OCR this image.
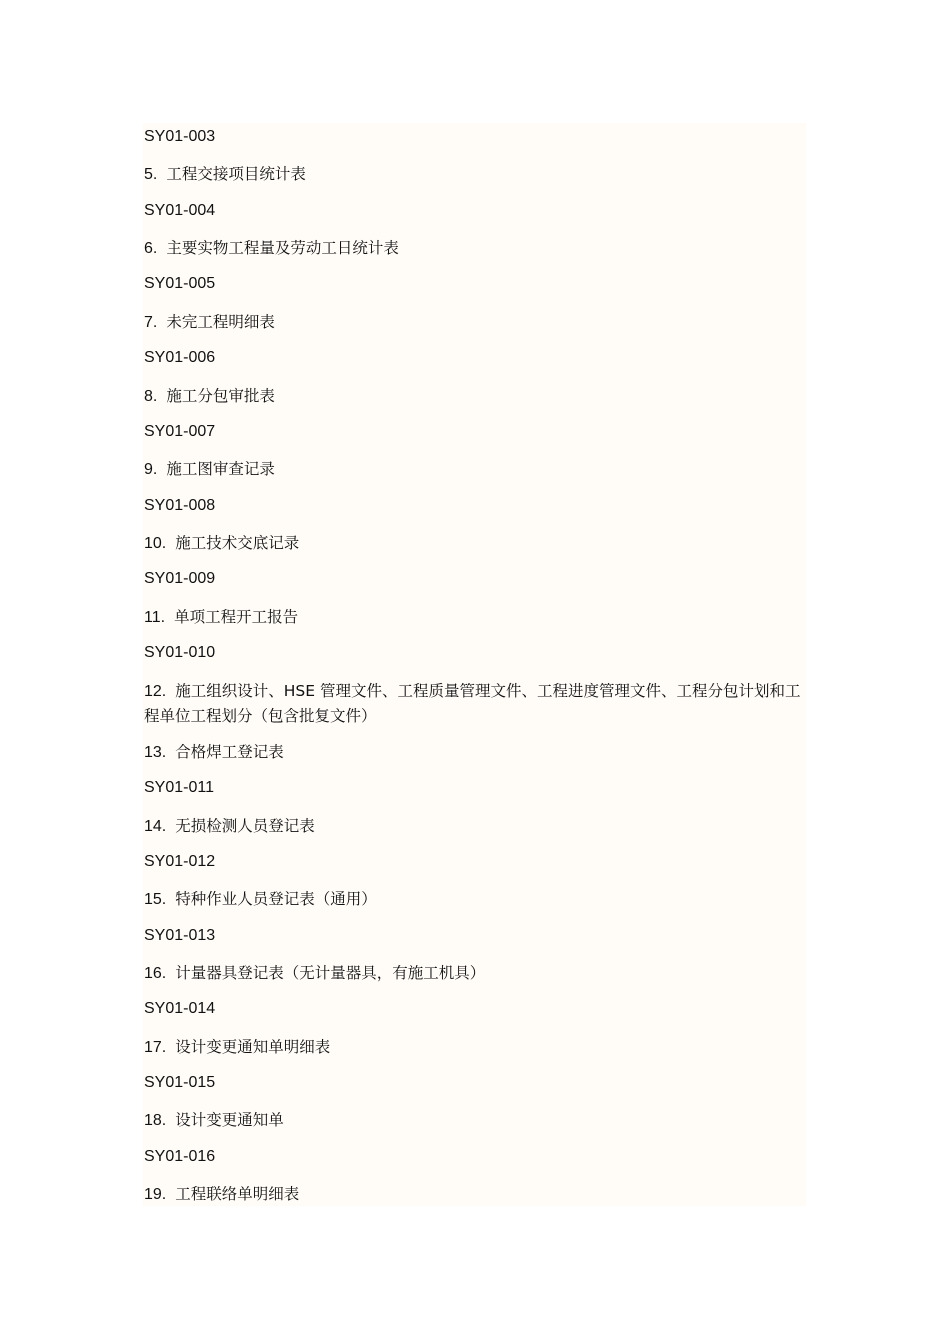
SY01-003
5. 工程交接项目统计表
SY01-004
6. 主要实物工程量及劳动工日统计表
SY01-005
7. 未完工程明细表
SY01-006
8. 施工分包审批表
SY01-007
9. 施工图审查记录
SY01-008
10. 施工技术交底记录
SY01-009
11. 单项工程开工报告
SY01-010
12. 施工组织设计、HSE 管理文件、工程质量管理文件、工程进度管理文件、工程分包计划和工程单位工程划分（包含批复文件）
13. 合格焊工登记表
SY01-011
14. 无损检测人员登记表
SY01-012
15. 特种作业人员登记表（通用）
SY01-013
16. 计量器具登记表（无计量器具，有施工机具）
SY01-014
17. 设计变更通知单明细表
SY01-015
18. 设计变更通知单
SY01-016
19. 工程联络单明细表
